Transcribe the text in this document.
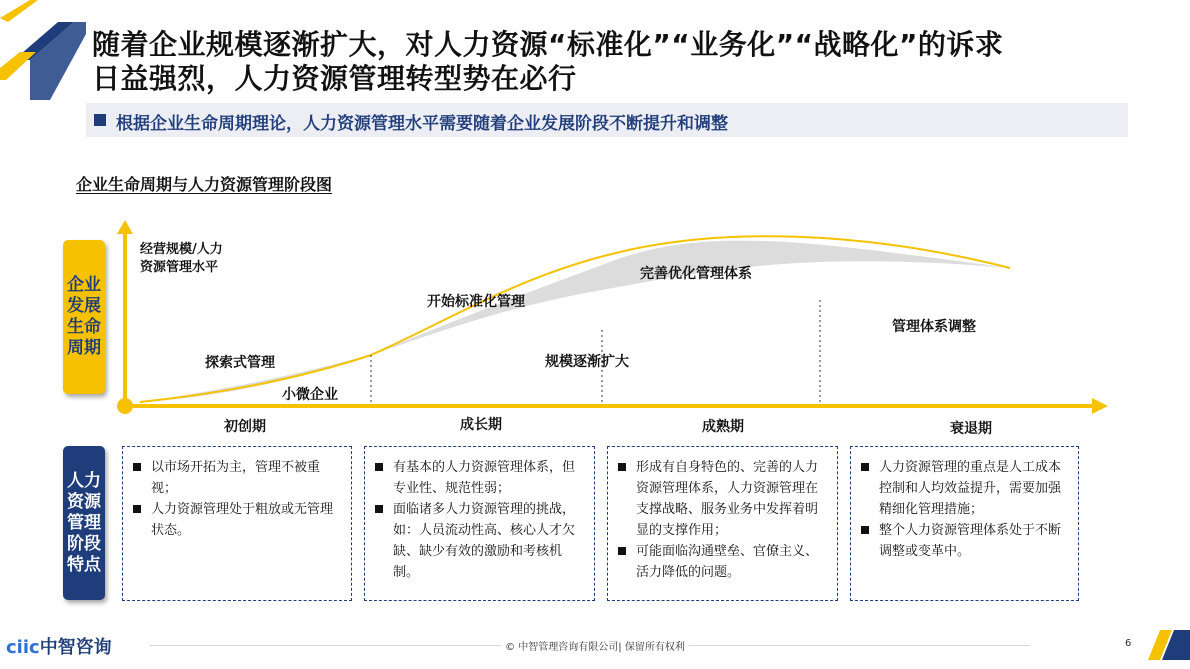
随着企业规模逐渐扩大，对人力资源“标准化”“业务化”“战略化”的诉求
日益强烈，人力资源管理转型势在必行
根据企业生命周期理论，人力资源管理水平需要随着企业发展阶段不断提升和调整
企业生命周期与人力资源管理阶段图
经营规模/人力
资源管理水平
企业发展生命周期
人力资源管理阶段特点
探索式管理
开始标准化管理
完善优化管理体系
管理体系调整
小微企业
规模逐渐扩大
初创期	成长期	成熟期	衰退期
以市场开拓为主，管理不被重视；
人力资源管理处于粗放或无管理状态。
有基本的人力资源管理体系，但专业性、规范性弱；
面临诸多人力资源管理的挑战，如：人员流动性高、核心人才欠缺、缺少有效的激励和考核机制。
形成有自身特色的、完善的人力资源管理体系，人力资源管理在支撑战略、服务业务中发挥着明显的支撑作用；
可能面临沟通壁垒、官僚主义、活力降低的问题。
人力资源管理的重点是人工成本控制和人均效益提升，需要加强精细化管理措施；
整个人力资源管理体系处于不断调整或变革中。
ciic中智咨询	© 中智管理咨询有限公司| 保留所有权利	6
